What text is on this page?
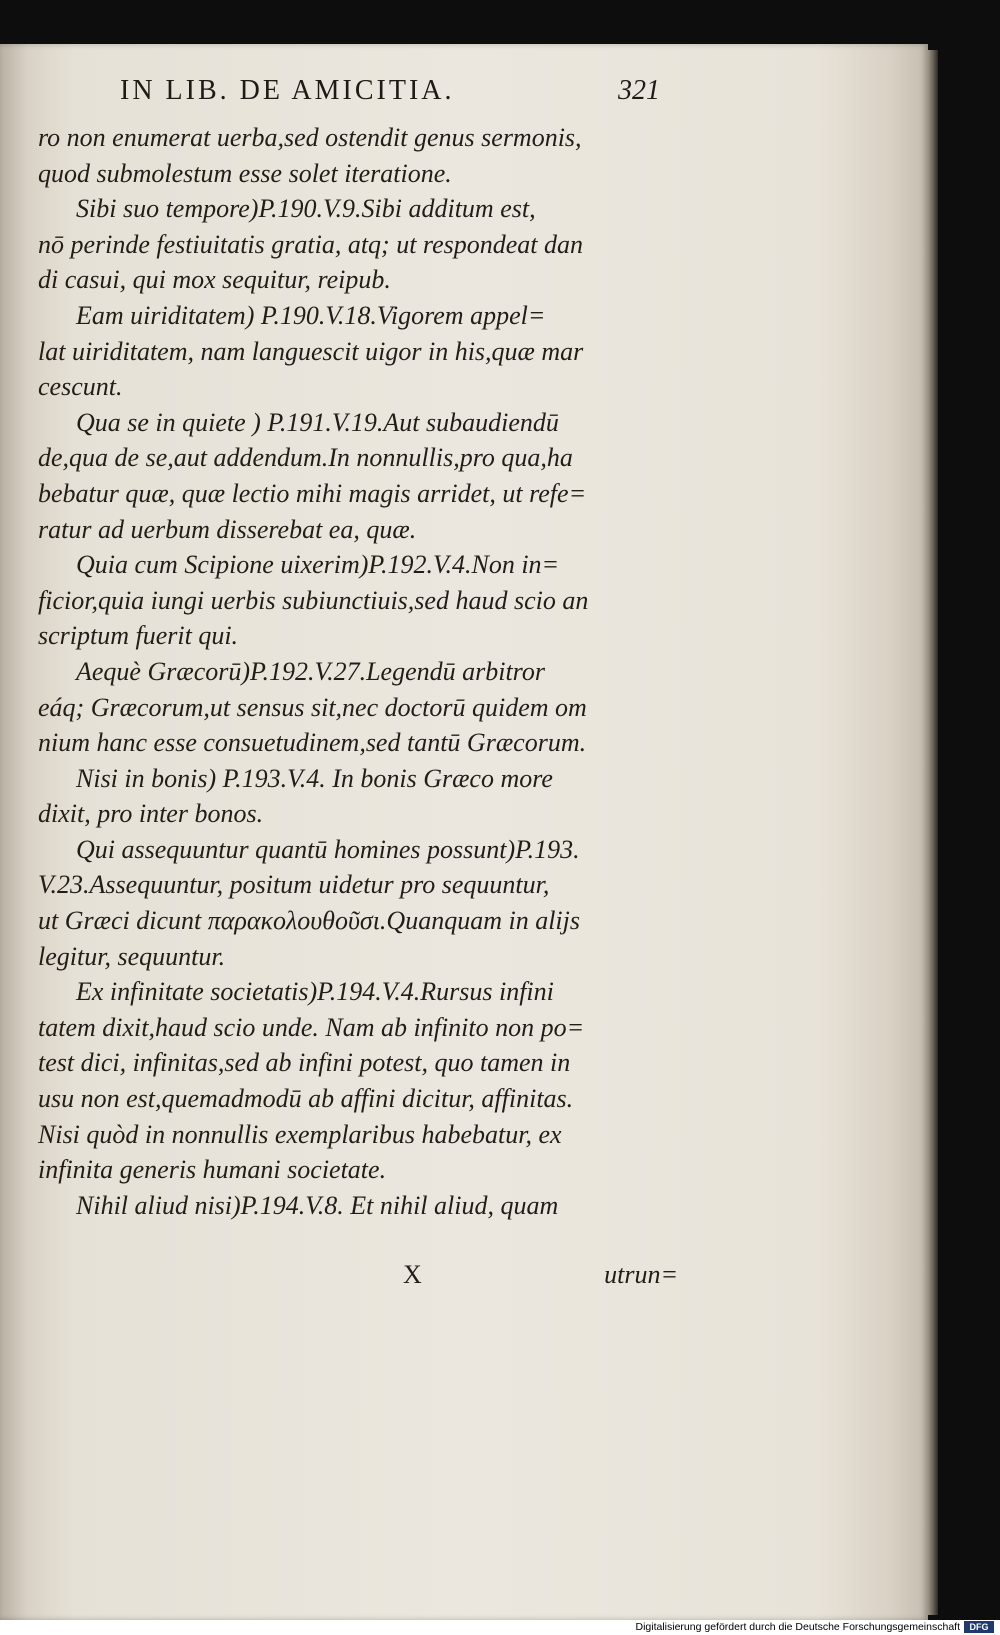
IN LIB. DE AMICITIA.	321
ro non enumerat uerba,sed ostendit genus sermonis,
quod submolestum esse solet iteratione.
Sibi suo tempore)P.190.V.9.Sibi additum est,
nō perinde festiuitatis gratia, atq; ut respondeat dan
di casui, qui mox sequitur, reipub.
Eam uiriditatem) P.190.V.18.Vigorem appel=
lat uiriditatem, nam languescit uigor in his,quæ mar
cescunt.
Qua se in quiete ) P.191.V.19.Aut subaudiendū
de,qua de se,aut addendum.In nonnullis,pro qua,ha
bebatur quæ, quæ lectio mihi magis arridet, ut refe=
ratur ad uerbum disserebat ea, quæ.
Quia cum Scipione uixerim)P.192.V.4.Non in=
ficior,quia iungi uerbis subiunctiuis,sed haud scio an
scriptum fuerit qui.
Aequè Græcorū)P.192.V.27.Legendū arbitror
eáq; Græcorum,ut sensus sit,nec doctorū quidem om
nium hanc esse consuetudinem,sed tantū Græcorum.
Nisi in bonis) P.193.V.4. In bonis Græco more
dixit, pro inter bonos.
Qui assequuntur quantū homines possunt)P.193.
V.23.Assequuntur, positum uidetur pro sequuntur,
ut Græci dicunt παρακολουθοῦσι.Quanquam in alijs
legitur, sequuntur.
Ex infinitate societatis)P.194.V.4.Rursus infini
tatem dixit,haud scio unde. Nam ab infinito non po=
test dici, infinitas,sed ab infini potest, quo tamen in
usu non est,quemadmodū ab affini dicitur, affinitas.
Nisi quòd in nonnullis exemplaribus habebatur, ex
infinita generis humani societate.
Nihil aliud nisi)P.194.V.8. Et nihil aliud, quam
X	utrun=
Digitalisierung gefördert durch die Deutsche Forschungsgemeinschaft	DFG
